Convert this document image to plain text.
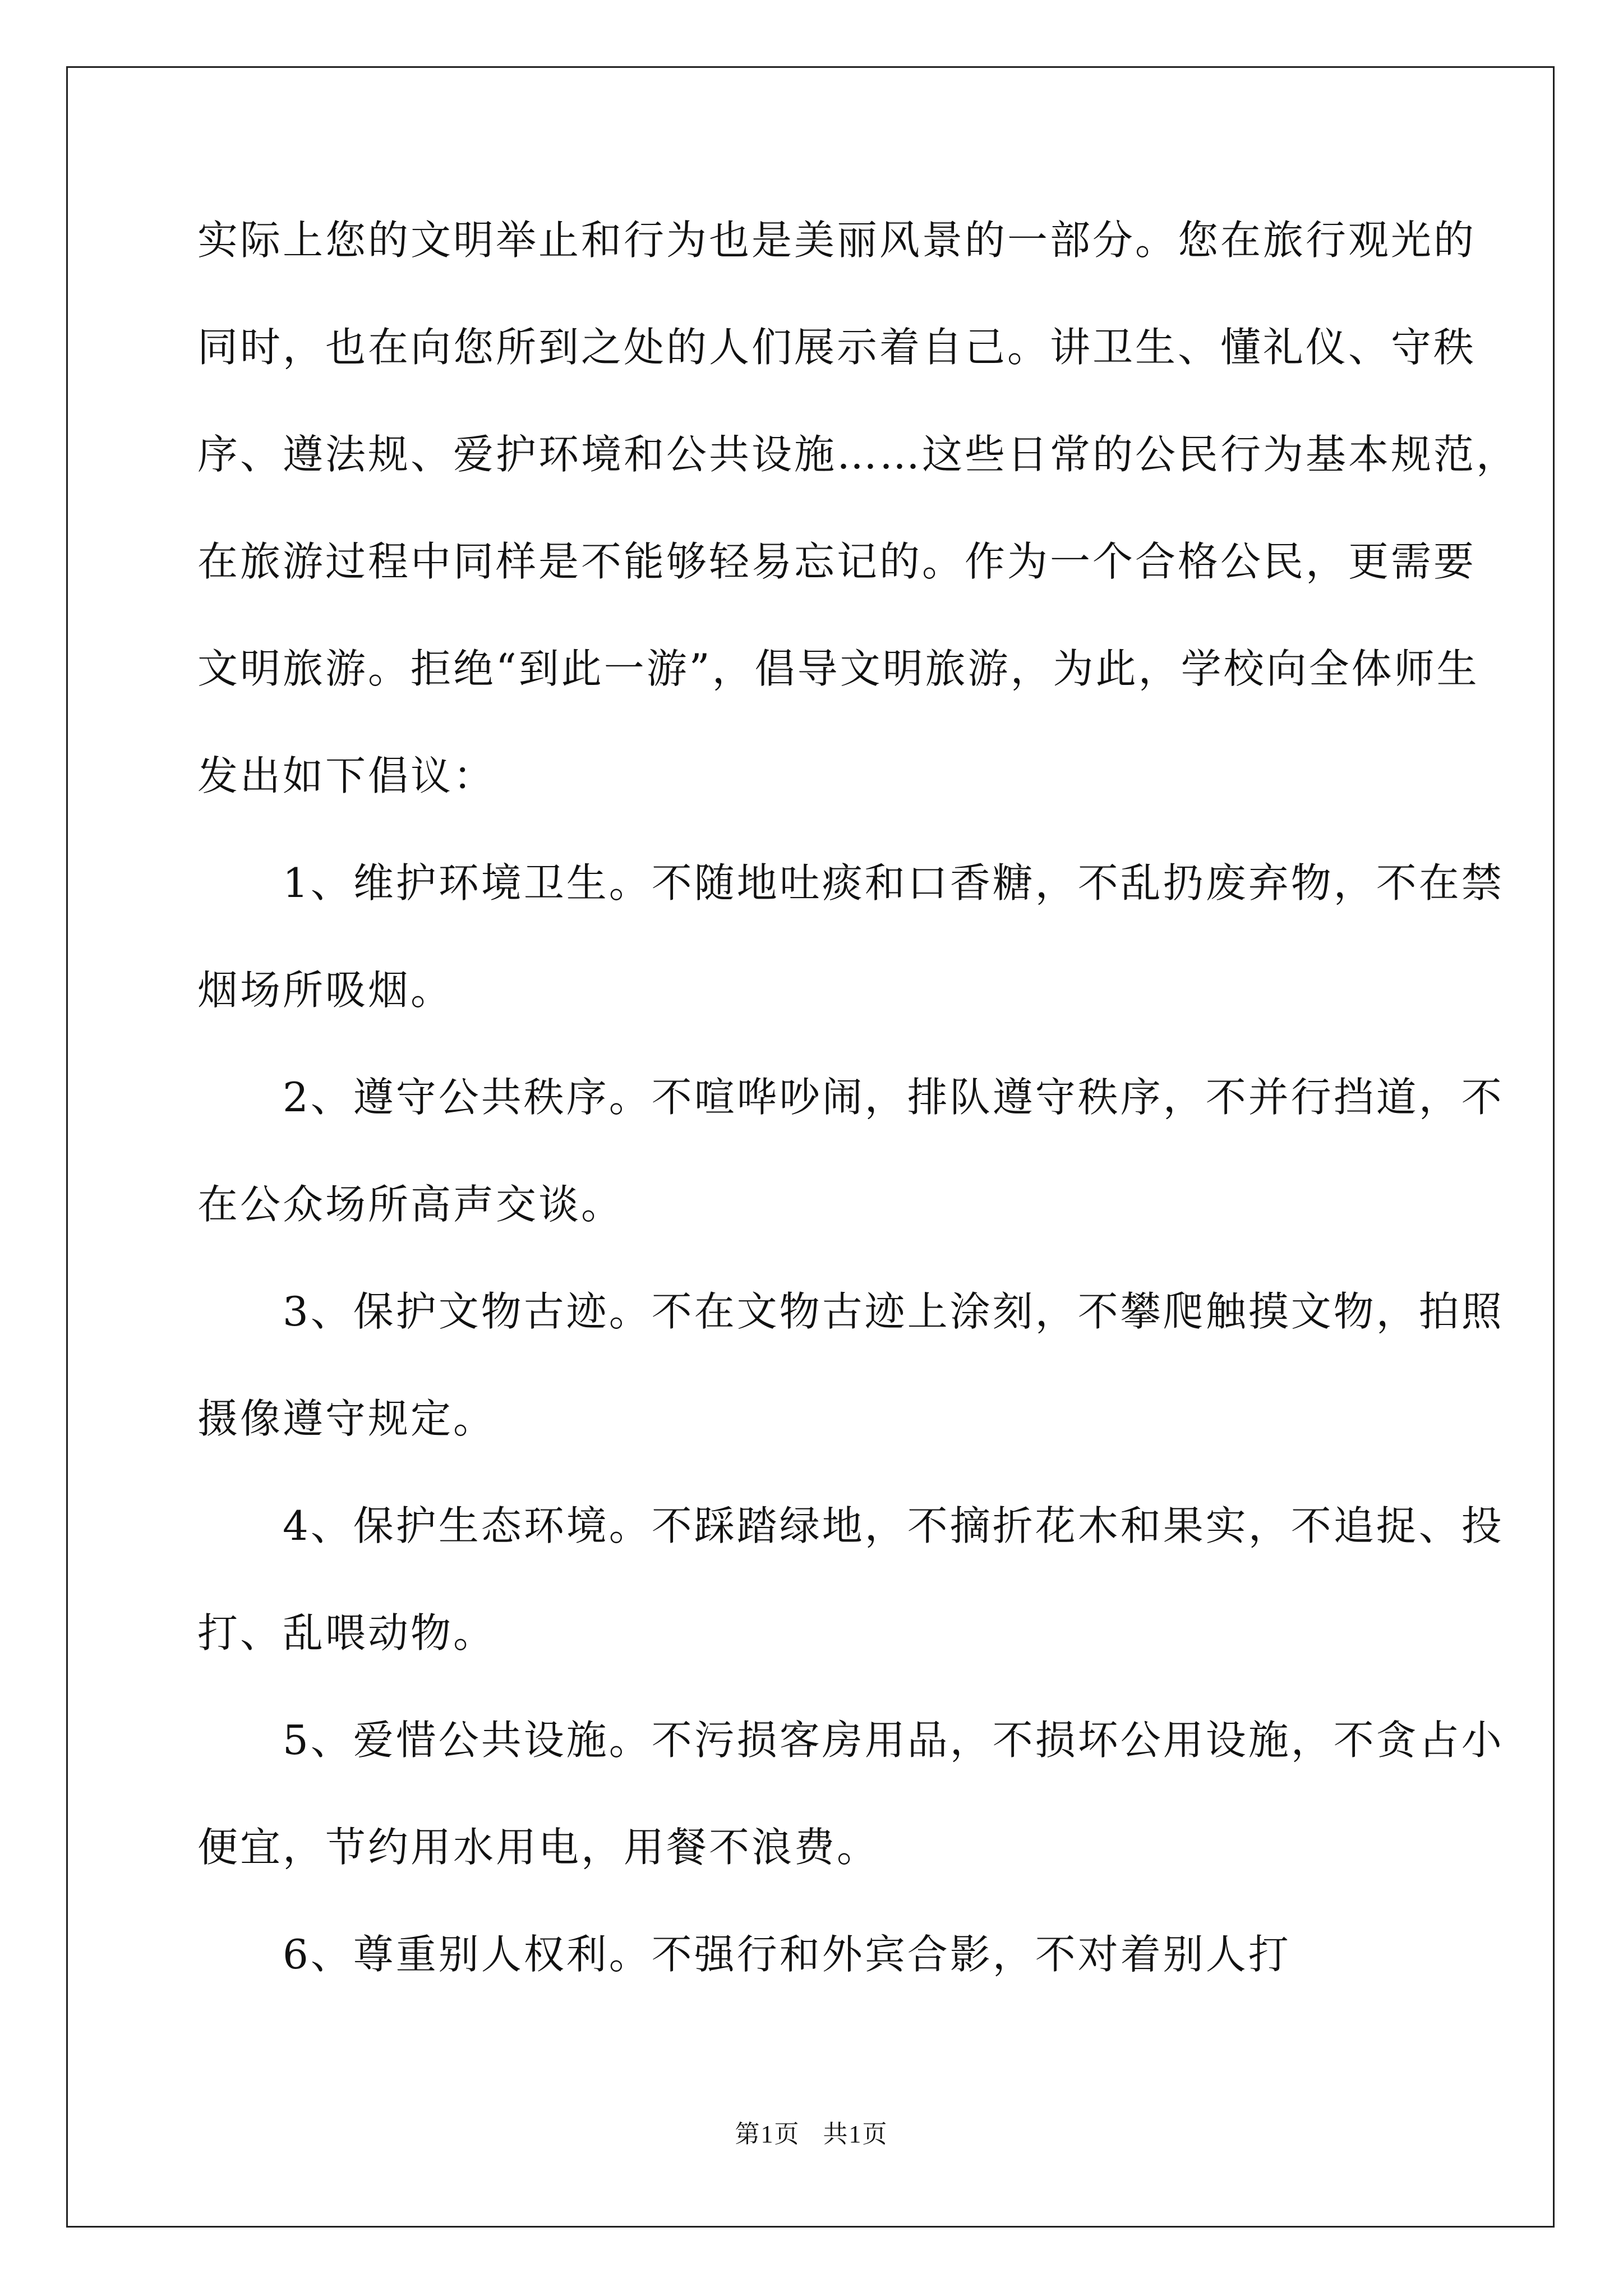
实际上您的文明举止和行为也是美丽风景的一部分。您在旅行观光的
同时，也在向您所到之处的人们展示着自己。讲卫生、懂礼仪、守秩
序、遵法规、爱护环境和公共设施……这些日常的公民行为基本规范，
在旅游过程中同样是不能够轻易忘记的。作为一个合格公民，更需要
文明旅游。拒绝“到此一游”，倡导文明旅游，为此，学校向全体师生
发出如下倡议：
　　1、维护环境卫生。不随地吐痰和口香糖，不乱扔废弃物，不在禁
烟场所吸烟。
　　2、遵守公共秩序。不喧哗吵闹，排队遵守秩序，不并行挡道，不
在公众场所高声交谈。
　　3、保护文物古迹。不在文物古迹上涂刻，不攀爬触摸文物，拍照
摄像遵守规定。
　　4、保护生态环境。不踩踏绿地，不摘折花木和果实，不追捉、投
打、乱喂动物。
　　5、爱惜公共设施。不污损客房用品，不损坏公用设施，不贪占小
便宜，节约用水用电，用餐不浪费。
　　6、尊重别人权利。不强行和外宾合影，不对着别人打
第1页 共1页
